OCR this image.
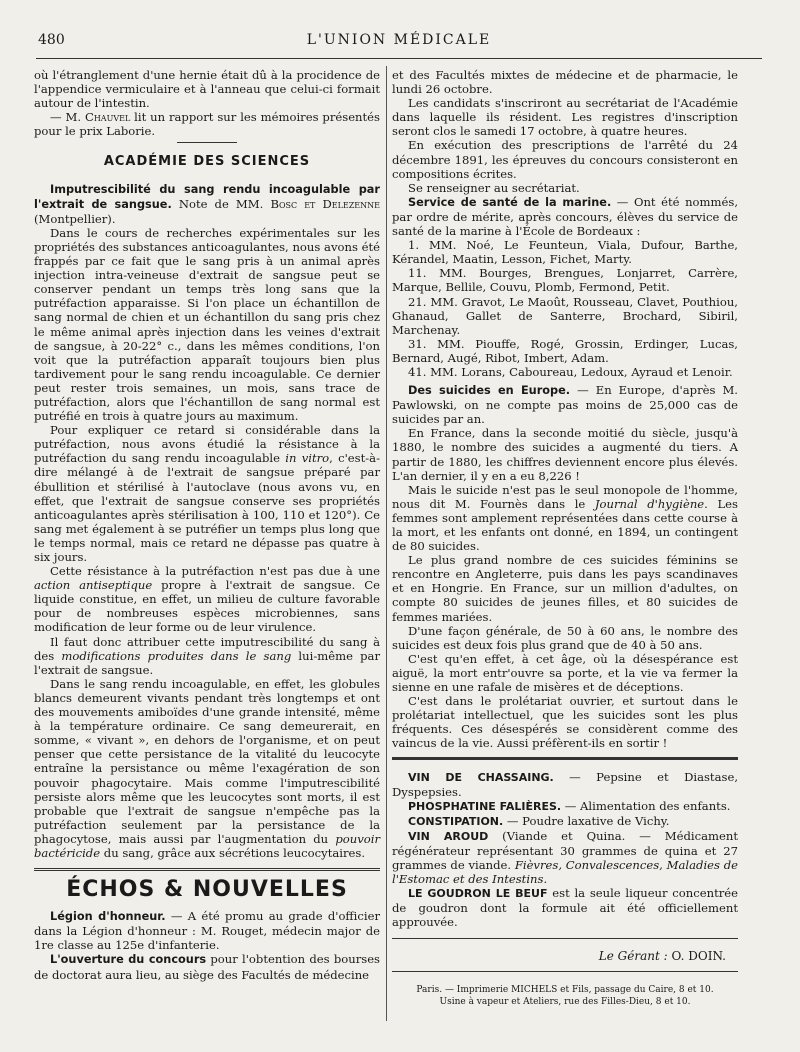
480	L'UNION MÉDICALE

où l'étranglement d'une hernie était dû à la procidence de l'appendice vermiculaire et à l'anneau que celui-ci formait autour de l'intestin.

— M. Chauvel lit un rapport sur les mémoires présentés pour le prix Laborie.

ACADÉMIE DES SCIENCES

Imputrescibilité du sang rendu incoagulable par l'extrait de sangsue. Note de MM. Bosc et Delezenne (Montpellier).

Dans le cours de recherches expérimentales sur les propriétés des substances anticoagulantes, nous avons été frappés par ce fait que le sang pris à un animal après injection intra-veineuse d'extrait de sangsue peut se conserver pendant un temps très long sans que la putréfaction apparaisse. Si l'on place un échantillon de sang normal de chien et un échantillon du sang pris chez le même animal après injection dans les veines d'extrait de sangsue, à 20-22° c., dans les mêmes conditions, l'on voit que la putréfaction apparaît toujours bien plus tardivement pour le sang rendu incoagulable. Ce dernier peut rester trois semaines, un mois, sans trace de putréfaction, alors que l'échantillon de sang normal est putréfié en trois à quatre jours au maximum.

Pour expliquer ce retard si considérable dans la putréfaction, nous avons étudié la résistance à la putréfaction du sang rendu incoagulable in vitro, c'est-à-dire mélangé à de l'extrait de sangsue préparé par ébullition et stérilisé à l'autoclave (nous avons vu, en effet, que l'extrait de sangsue conserve ses propriétés anticoagulantes après stérilisation à 100, 110 et 120°). Ce sang met également à se putréfier un temps plus long que le temps normal, mais ce retard ne dépasse pas quatre à six jours.

Cette résistance à la putréfaction n'est pas due à une action antiseptique propre à l'extrait de sangsue. Ce liquide constitue, en effet, un milieu de culture favorable pour de nombreuses espèces microbiennes, sans modification de leur forme ou de leur virulence.

Il faut donc attribuer cette imputrescibilité du sang à des modifications produites dans le sang lui-même par l'extrait de sangsue.

Dans le sang rendu incoagulable, en effet, les globules blancs demeurent vivants pendant très longtemps et ont des mouvements amiboïdes d'une grande intensité, même à la température ordinaire. Ce sang demeurerait, en somme, « vivant », en dehors de l'organisme, et on peut penser que cette persistance de la vitalité du leucocyte entraîne la persistance ou même l'exagération de son pouvoir phagocytaire. Mais comme l'imputrescibilité persiste alors même que les leucocytes sont morts, il est probable que l'extrait de sangsue n'empêche pas la putréfaction seulement par la persistance de la phagocytose, mais aussi par l'augmentation du pouvoir bactéricide du sang, grâce aux sécrétions leucocytaires.

ÉCHOS & NOUVELLES

Légion d'honneur. — A été promu au grade d'officier dans la Légion d'honneur : M. Rouget, médecin major de 1re classe au 125e d'infanterie.

L'ouverture du concours pour l'obtention des bourses de doctorat aura lieu, au siège des Facultés de médecine

et des Facultés mixtes de médecine et de pharmacie, le lundi 26 octobre.

Les candidats s'inscriront au secrétariat de l'Académie dans laquelle ils résident. Les registres d'inscription seront clos le samedi 17 octobre, à quatre heures.

En exécution des prescriptions de l'arrêté du 24 décembre 1891, les épreuves du concours consisteront en compositions écrites.

Se renseigner au secrétariat.

Service de santé de la marine. — Ont été nommés, par ordre de mérite, après concours, élèves du service de santé de la marine à l'École de Bordeaux :

1. MM. Noé, Le Feunteun, Viala, Dufour, Barthe, Kérandel, Maatin, Lesson, Fichet, Marty.

11. MM. Bourges, Brengues, Lonjarret, Carrère, Marque, Bellile, Couvu, Plomb, Fermond, Petit.

21. MM. Gravot, Le Maoût, Rousseau, Clavet, Pouthiou, Ghanaud, Gallet de Santerre, Brochard, Sibiril, Marchenay.

31. MM. Piouffe, Rogé, Grossin, Erdinger, Lucas, Bernard, Augé, Ribot, Imbert, Adam.

41. MM. Lorans, Caboureau, Ledoux, Ayraud et Lenoir.

Des suicides en Europe. — En Europe, d'après M. Pawlowski, on ne compte pas moins de 25,000 cas de suicides par an.

En France, dans la seconde moitié du siècle, jusqu'à 1880, le nombre des suicides a augmenté du tiers. A partir de 1880, les chiffres deviennent encore plus élevés. L'an dernier, il y en a eu 8,226 !

Mais le suicide n'est pas le seul monopole de l'homme, nous dit M. Fournès dans le Journal d'hygiène. Les femmes sont amplement représentées dans cette course à la mort, et les enfants ont donné, en 1894, un contingent de 80 suicides.

Le plus grand nombre de ces suicides féminins se rencontre en Angleterre, puis dans les pays scandinaves et en Hongrie. En France, sur un million d'adultes, on compte 80 suicides de jeunes filles, et 80 suicides de femmes mariées.

D'une façon générale, de 50 à 60 ans, le nombre des suicides est deux fois plus grand que de 40 à 50 ans.

C'est qu'en effet, à cet âge, où la désespérance est aiguë, la mort entr'ouvre sa porte, et la vie va fermer la sienne en une rafale de misères et de déceptions.

C'est dans le prolétariat ouvrier, et surtout dans le prolétariat intellectuel, que les suicides sont les plus fréquents. Ces désespérés se considèrent comme des vaincus de la vie. Aussi préfèrent-ils en sortir !

VIN DE CHASSAING. — Pepsine et Diastase, Dyspepsies.

PHOSPHATINE FALIÈRES. — Alimentation des enfants.

CONSTIPATION. — Poudre laxative de Vichy.

VIN AROUD (Viande et Quina. — Médicament régénérateur représentant 30 grammes de quina et 27 grammes de viande. Fièvres, Convalescences, Maladies de l'Estomac et des Intestins.

LE GOUDRON LE BEUF est la seule liqueur concentrée de goudron dont la formule ait été officiellement approuvée.

Le Gérant : O. DOIN.
Paris. — Imprimerie MICHELS et Fils, passage du Caire, 8 et 10.
Usine à vapeur et Ateliers, rue des Filles-Dieu, 8 et 10.
